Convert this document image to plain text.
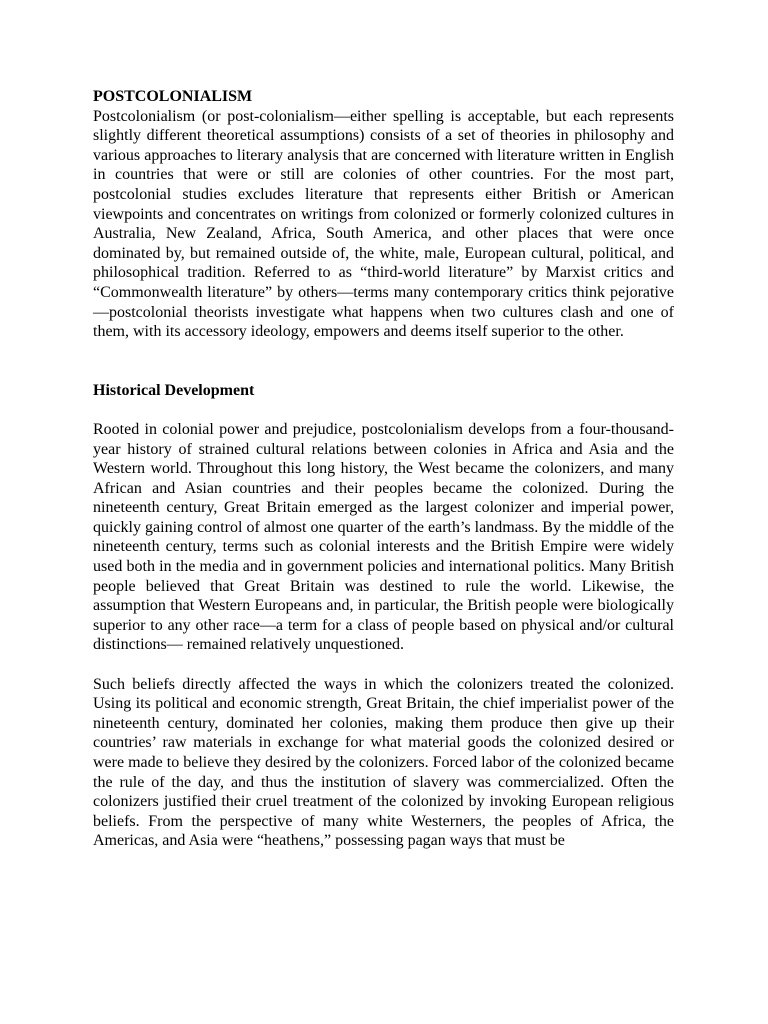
POSTCOLONIALISM

Postcolonialism (or post-colonialism—either spelling is acceptable, but each represents slightly different theoretical assumptions) consists of a set of theories in philosophy and various approaches to literary analysis that are concerned with literature written in English in countries that were or still are colonies of other countries. For the most part, postcolonial studies excludes literature that represents either British or American viewpoints and concentrates on writings from colonized or formerly colonized cultures in Australia, New Zealand, Africa, South America, and other places that were once dominated by, but remained outside of, the white, male, European cultural, political, and philosophical tradition. Referred to as “third-world literature” by Marxist critics and “Commonwealth literature” by others—terms many contemporary critics think pejorative—postcolonial theorists investigate what happens when two cultures clash and one of them, with its accessory ideology, empowers and deems itself superior to the other.

Historical Development

Rooted in colonial power and prejudice, postcolonialism develops from a four-thousand-year history of strained cultural relations between colonies in Africa and Asia and the Western world. Throughout this long history, the West became the colonizers, and many African and Asian countries and their peoples became the colonized. During the nineteenth century, Great Britain emerged as the largest colonizer and imperial power, quickly gaining control of almost one quarter of the earth’s landmass. By the middle of the nineteenth century, terms such as colonial interests and the British Empire were widely used both in the media and in government policies and international politics. Many British people believed that Great Britain was destined to rule the world. Likewise, the assumption that Western Europeans and, in particular, the British people were biologically superior to any other race—a term for a class of people based on physical and/or cultural distinctions— remained relatively unquestioned.

Such beliefs directly affected the ways in which the colonizers treated the colonized. Using its political and economic strength, Great Britain, the chief imperialist power of the nineteenth century, dominated her colonies, making them produce then give up their countries’ raw materials in exchange for what material goods the colonized desired or were made to believe they desired by the colonizers. Forced labor of the colonized became the rule of the day, and thus the institution of slavery was commercialized. Often the colonizers justified their cruel treatment of the colonized by invoking European religious beliefs. From the perspective of many white Westerners, the peoples of Africa, the Americas, and Asia were “heathens,” possessing pagan ways that must be
